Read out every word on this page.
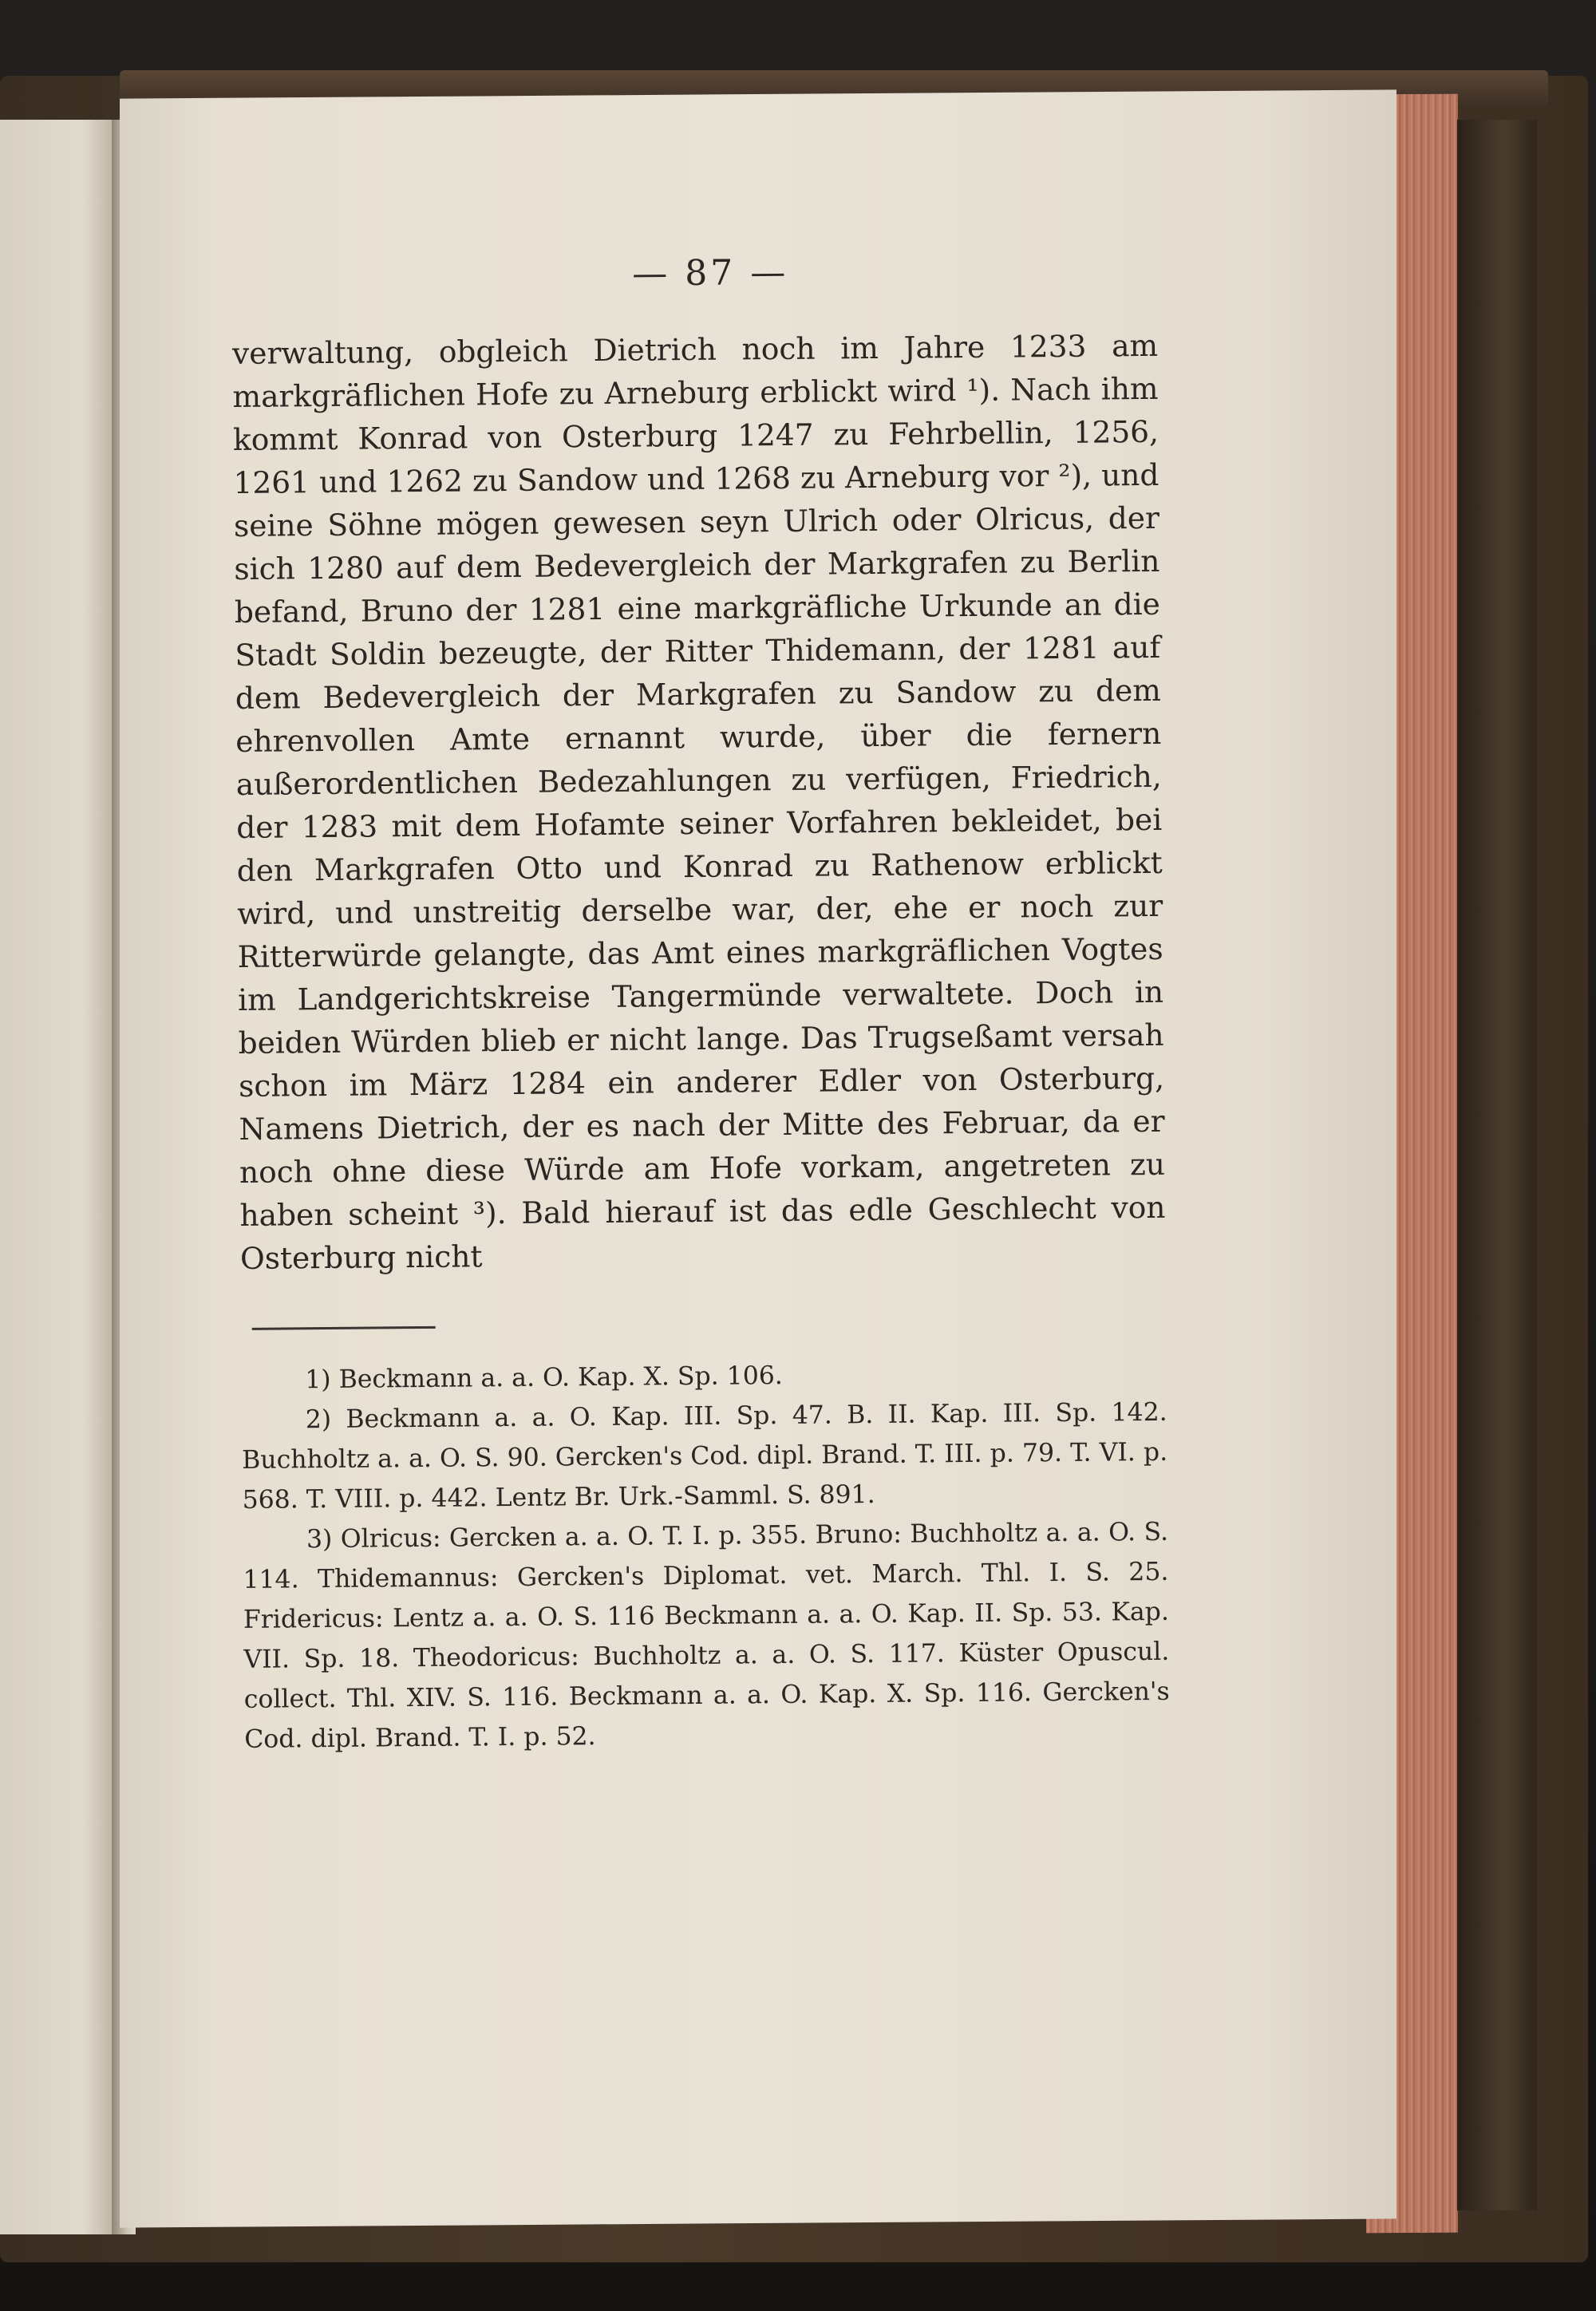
— 87 —

verwaltung, obgleich Dietrich noch im Jahre 1233 am markgräflichen Hofe zu Arneburg erblickt wird ¹). Nach ihm kommt Konrad von Osterburg 1247 zu Fehrbellin, 1256, 1261 und 1262 zu Sandow und 1268 zu Arneburg vor ²), und seine Söhne mögen gewesen seyn Ulrich oder Olricus, der sich 1280 auf dem Bedevergleich der Markgrafen zu Berlin befand, Bruno der 1281 eine markgräfliche Urkunde an die Stadt Soldin bezeugte, der Ritter Thidemann, der 1281 auf dem Bedevergleich der Markgrafen zu Sandow zu dem ehrenvollen Amte ernannt wurde, über die fernern außerordentlichen Bedezahlungen zu verfügen, Friedrich, der 1283 mit dem Hofamte seiner Vorfahren bekleidet, bei den Markgrafen Otto und Konrad zu Rathenow erblickt wird, und unstreitig derselbe war, der, ehe er noch zur Ritterwürde gelangte, das Amt eines markgräflichen Vogtes im Landgerichtskreise Tangermünde verwaltete. Doch in beiden Würden blieb er nicht lange. Das Trugseßamt versah schon im März 1284 ein anderer Edler von Osterburg, Namens Dietrich, der es nach der Mitte des Februar, da er noch ohne diese Würde am Hofe vorkam, angetreten zu haben scheint ³). Bald hierauf ist das edle Geschlecht von Osterburg nicht

1) Beckmann a. a. O. Kap. X. Sp. 106.

2) Beckmann a. a. O. Kap. III. Sp. 47. B. II. Kap. III. Sp. 142. Buchholtz a. a. O. S. 90. Gercken's Cod. dipl. Brand. T. III. p. 79. T. VI. p. 568. T. VIII. p. 442. Lentz Br. Urk.-Samml. S. 891.

3) Olricus: Gercken a. a. O. T. I. p. 355. Bruno: Buchholtz a. a. O. S. 114. Thidemannus: Gercken's Diplomat. vet. March. Thl. I. S. 25. Fridericus: Lentz a. a. O. S. 116 Beckmann a. a. O. Kap. II. Sp. 53. Kap. VII. Sp. 18. Theodoricus: Buchholtz a. a. O. S. 117. Küster Opuscul. collect. Thl. XIV. S. 116. Beckmann a. a. O. Kap. X. Sp. 116. Gercken's Cod. dipl. Brand. T. I. p. 52.
